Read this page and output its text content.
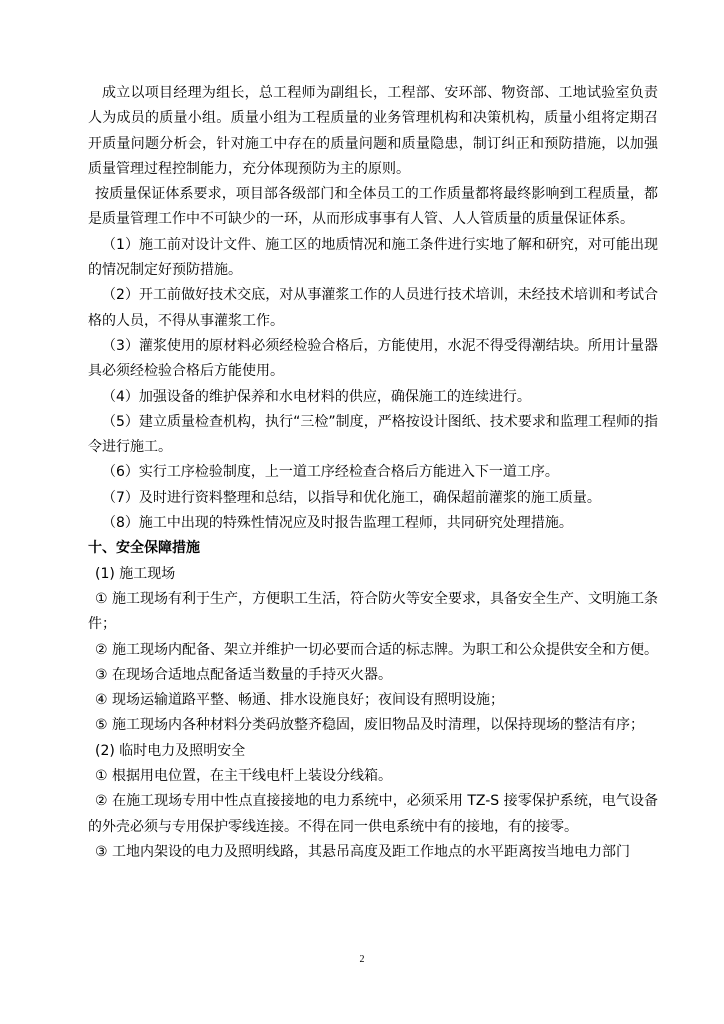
成立以项目经理为组长，总工程师为副组长，工程部、安环部、物资部、工地试验室负责人为成员的质量小组。质量小组为工程质量的业务管理机构和决策机构，质量小组将定期召开质量问题分析会，针对施工中存在的质量问题和质量隐患，制订纠正和预防措施，以加强质量管理过程控制能力，充分体现预防为主的原则。

按质量保证体系要求，项目部各级部门和全体员工的工作质量都将最终影响到工程质量，都是质量管理工作中不可缺少的一环，从而形成事事有人管、人人管质量的质量保证体系。

（1）施工前对设计文件、施工区的地质情况和施工条件进行实地了解和研究，对可能出现的情况制定好预防措施。

（2）开工前做好技术交底，对从事灌浆工作的人员进行技术培训，未经技术培训和考试合格的人员，不得从事灌浆工作。

（3）灌浆使用的原材料必须经检验合格后，方能使用，水泥不得受得潮结块。所用计量器具必须经检验合格后方能使用。

（4）加强设备的维护保养和水电材料的供应，确保施工的连续进行。

（5）建立质量检查机构，执行“三检”制度，严格按设计图纸、技术要求和监理工程师的指令进行施工。

（6）实行工序检验制度，上一道工序经检查合格后方能进入下一道工序。

（7）及时进行资料整理和总结，以指导和优化施工，确保超前灌浆的施工质量。

（8）施工中出现的特殊性情况应及时报告监理工程师，共同研究处理措施。

十、安全保障措施

(1) 施工现场

① 施工现场有利于生产，方便职工生活，符合防火等安全要求，具备安全生产、文明施工条件；

② 施工现场内配备、架立并维护一切必要而合适的标志牌。为职工和公众提供安全和方便。

③ 在现场合适地点配备适当数量的手持灭火器。

④ 现场运输道路平整、畅通、排水设施良好；夜间设有照明设施；

⑤ 施工现场内各种材料分类码放整齐稳固，废旧物品及时清理，以保持现场的整洁有序；

(2) 临时电力及照明安全

① 根据用电位置，在主干线电杆上装设分线箱。

② 在施工现场专用中性点直接接地的电力系统中，必须采用 TZ-S 接零保护系统，电气设备的外壳必须与专用保护零线连接。不得在同一供电系统中有的接地，有的接零。

③ 工地内架设的电力及照明线路，其悬吊高度及距工作地点的水平距离按当地电力部门

2
